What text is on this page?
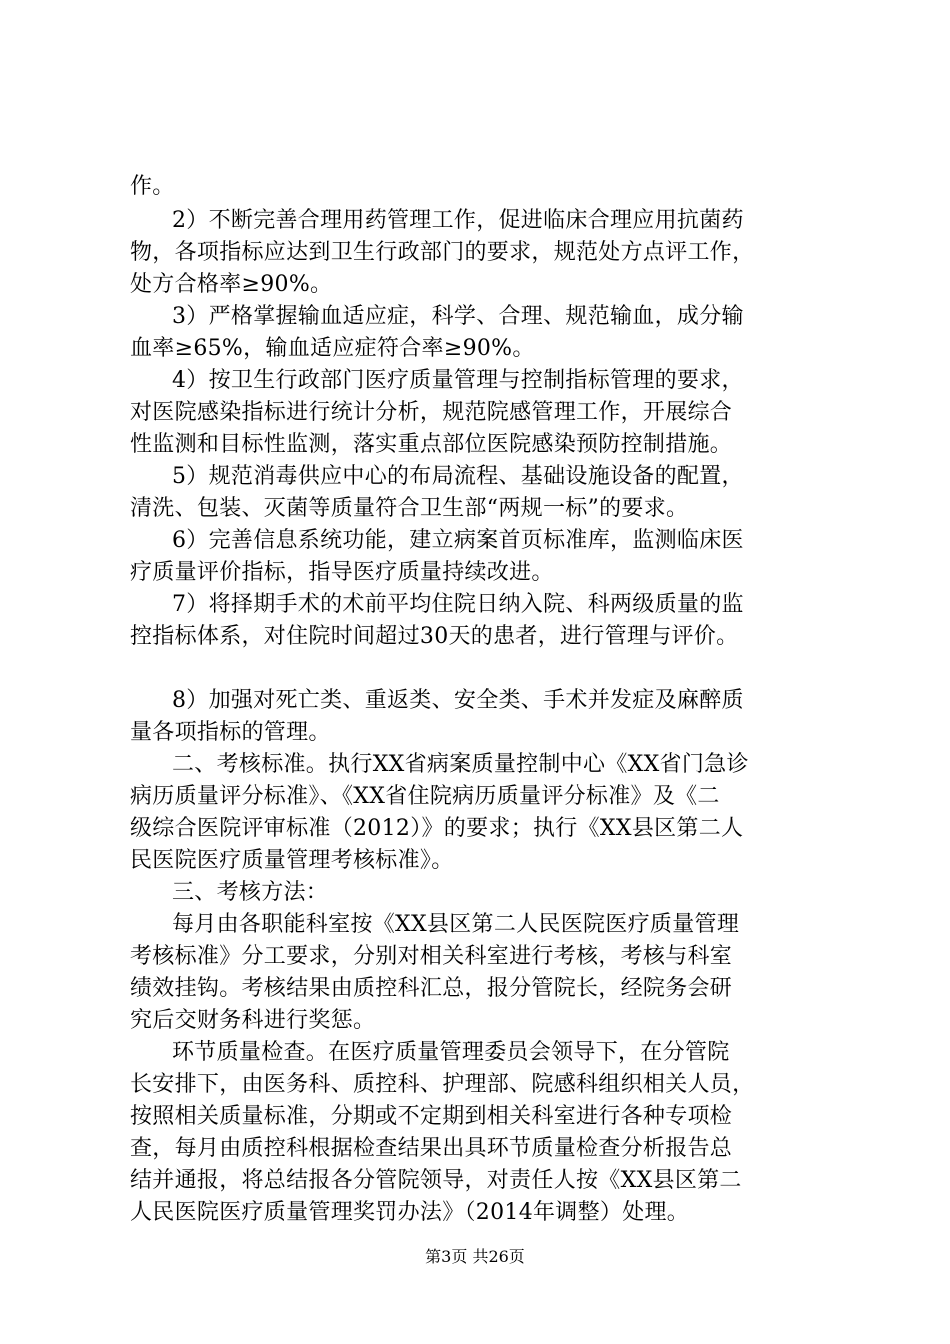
作。
2）不断完善合理用药管理工作，促进临床合理应用抗菌药
物，各项指标应达到卫生行政部门的要求，规范处方点评工作，
处方合格率≥90%。
3）严格掌握输血适应症，科学、合理、规范输血，成分输
血率≥65%，输血适应症符合率≥90%。
4）按卫生行政部门医疗质量管理与控制指标管理的要求，
对医院感染指标进行统计分析，规范院感管理工作，开展综合
性监测和目标性监测，落实重点部位医院感染预防控制措施。
5）规范消毒供应中心的布局流程、基础设施设备的配置，
清洗、包装、灭菌等质量符合卫生部“两规一标”的要求。
6）完善信息系统功能，建立病案首页标准库，监测临床医
疗质量评价指标，指导医疗质量持续改进。
7）将择期手术的术前平均住院日纳入院、科两级质量的监
控指标体系，对住院时间超过30天的患者，进行管理与评价。
8）加强对死亡类、重返类、安全类、手术并发症及麻醉质
量各项指标的管理。
二、考核标准。执行XX省病案质量控制中心《XX省门急诊
病历质量评分标准》、《XX省住院病历质量评分标准》及《二
级综合医院评审标准（2012）》的要求；执行《XX县区第二人
民医院医疗质量管理考核标准》。
三、考核方法：
每月由各职能科室按《XX县区第二人民医院医疗质量管理
考核标准》分工要求，分别对相关科室进行考核，考核与科室
绩效挂钩。考核结果由质控科汇总，报分管院长，经院务会研
究后交财务科进行奖惩。
环节质量检查。在医疗质量管理委员会领导下，在分管院
长安排下，由医务科、质控科、护理部、院感科组织相关人员，
按照相关质量标准，分期或不定期到相关科室进行各种专项检
查，每月由质控科根据检查结果出具环节质量检查分析报告总
结并通报，将总结报各分管院领导，对责任人按《XX县区第二
人民医院医疗质量管理奖罚办法》（2014年调整）处理。
第3页 共26页
